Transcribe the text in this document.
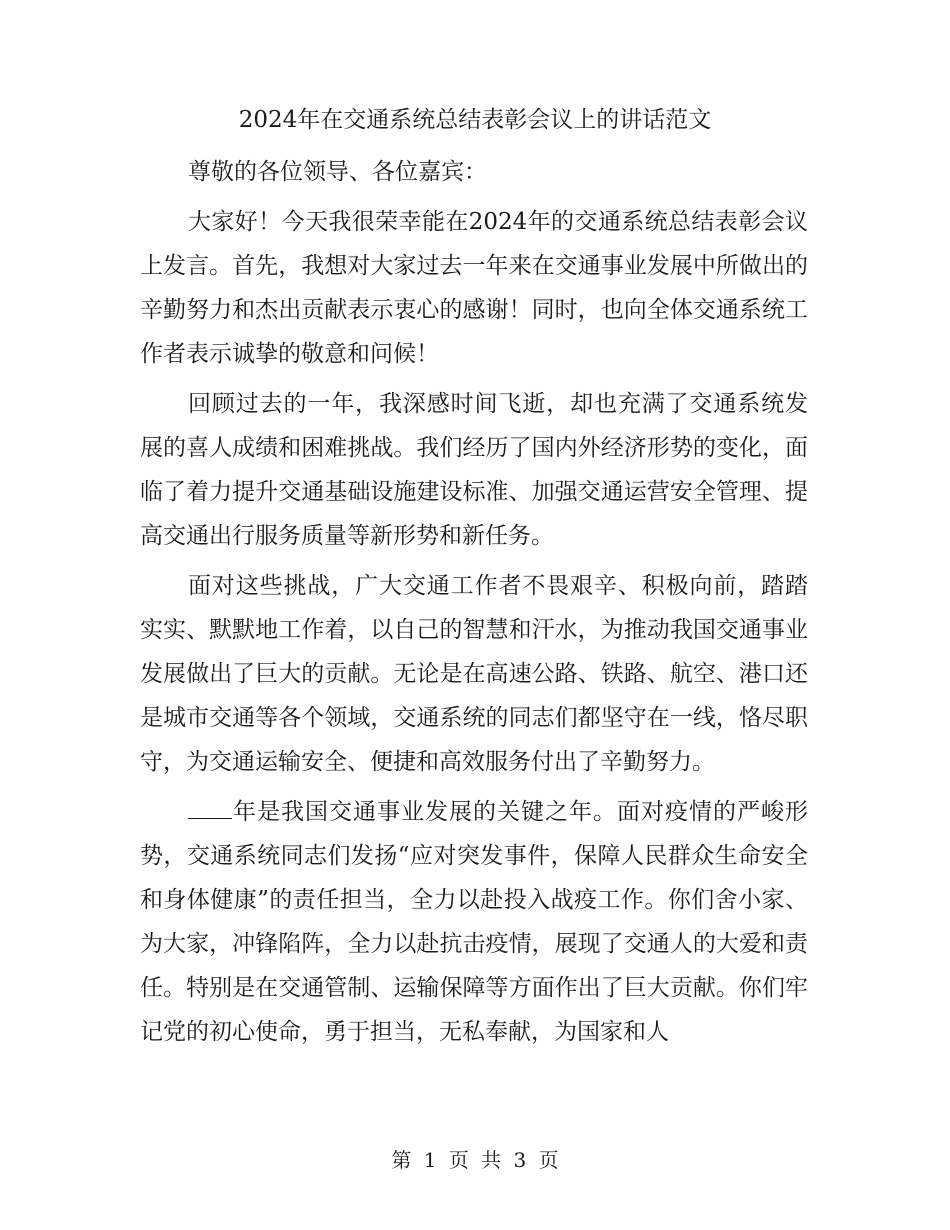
2024年在交通系统总结表彰会议上的讲话范文

尊敬的各位领导、各位嘉宾：

大家好！今天我很荣幸能在2024年的交通系统总结表彰会议上发言。首先，我想对大家过去一年来在交通事业发展中所做出的辛勤努力和杰出贡献表示衷心的感谢！同时，也向全体交通系统工作者表示诚挚的敬意和问候！

回顾过去的一年，我深感时间飞逝，却也充满了交通系统发展的喜人成绩和困难挑战。我们经历了国内外经济形势的变化，面临了着力提升交通基础设施建设标准、加强交通运营安全管理、提高交通出行服务质量等新形势和新任务。

面对这些挑战，广大交通工作者不畏艰辛、积极向前，踏踏实实、默默地工作着，以自己的智慧和汗水，为推动我国交通事业发展做出了巨大的贡献。无论是在高速公路、铁路、航空、港口还是城市交通等各个领域，交通系统的同志们都坚守在一线，恪尽职守，为交通运输安全、便捷和高效服务付出了辛勤努力。

年是我国交通事业发展的关键之年。面对疫情的严峻形势，交通系统同志们发扬“应对突发事件，保障人民群众生命安全和身体健康”的责任担当，全力以赴投入战疫工作。你们舍小家、为大家，冲锋陷阵，全力以赴抗击疫情，展现了交通人的大爱和责任。特别是在交通管制、运输保障等方面作出了巨大贡献。你们牢记党的初心使命，勇于担当，无私奉献，为国家和人

第 1 页 共 3 页
